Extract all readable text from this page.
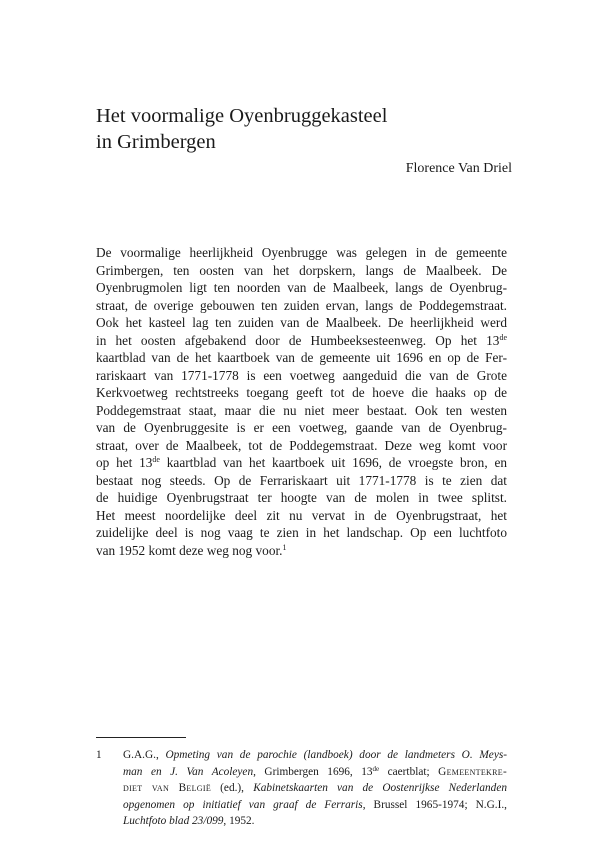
Het voormalige Oyenbruggekasteel
in Grimbergen

Florence Van Driel

De voormalige heerlijkheid Oyenbrugge was gelegen in de gemeente
Grimbergen, ten oosten van het dorpskern, langs de Maalbeek. De
Oyenbrugmolen ligt ten noorden van de Maalbeek, langs de Oyenbrug-
straat, de overige gebouwen ten zuiden ervan, langs de Poddegemstraat.
Ook het kasteel lag ten zuiden van de Maalbeek. De heerlijkheid werd
in het oosten afgebakend door de Humbeeksesteenweg. Op het 13de
kaartblad van de het kaartboek van de gemeente uit 1696 en op de Fer-
rariskaart van 1771-1778 is een voetweg aangeduid die van de Grote
Kerkvoetweg rechtstreeks toegang geeft tot de hoeve die haaks op de
Poddegemstraat staat, maar die nu niet meer bestaat. Ook ten westen
van de Oyenbruggesite is er een voetweg, gaande van de Oyenbrug-
straat, over de Maalbeek, tot de Poddegemstraat. Deze weg komt voor
op het 13de kaartblad van het kaartboek uit 1696, de vroegste bron, en
bestaat nog steeds. Op de Ferrariskaart uit 1771-1778 is te zien dat
de huidige Oyenbrugstraat ter hoogte van de molen in twee splitst.
Het meest noordelijke deel zit nu vervat in de Oyenbrugstraat, het
zuidelijke deel is nog vaag te zien in het landschap. Op een luchtfoto
van 1952 komt deze weg nog voor.$^1$
1 G.A.G., Opmeting van de parochie (landboek) door de landmeters O. Meys-
man en J. Van Acoleyen, Grimbergen 1696, 13de caertblat; Gemeentekre-
diet van België (ed.), Kabinetskaarten van de Oostenrijkse Nederlanden
opgenomen op initiatief van graaf de Ferraris, Brussel 1965-1974; N.G.I.,
Luchtfoto blad 23/099, 1952.
